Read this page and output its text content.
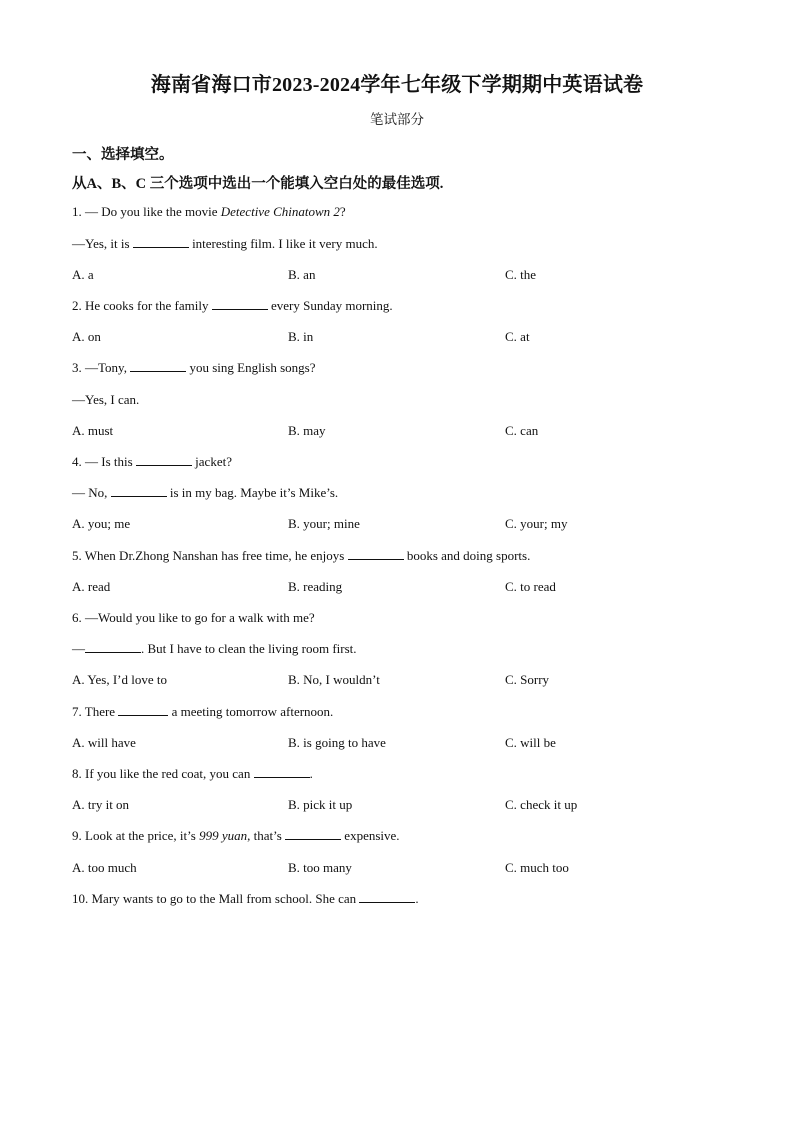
海南省海口市2023-2024学年七年级下学期期中英语试卷
笔试部分
一、选择填空。
从A、B、C 三个选项中选出一个能填入空白处的最佳选项.
1. — Do you like the movie Detective Chinatown 2?
—Yes, it is	interesting film. I like it very much.
A. a	B. an	C. the
2. He cooks for the family	every Sunday morning.
A. on	B. in	C. at
3. —Tony,	you sing English songs?
—Yes, I can.
A. must	B. may	C. can
4. — Is this	jacket?
— No,	is in my bag. Maybe it’s Mike’s.
A. you; me	B. your; mine	C. your; my
5. When Dr.Zhong Nanshan has free time, he enjoys	books and doing sports.
A. read	B. reading	C. to read
6. —Would you like to go for a walk with me?
—	. But I have to clean the living room first.
A. Yes, I’d love to	B. No, I wouldn’t	C. Sorry
7. There	a meeting tomorrow afternoon.
A. will have	B. is going to have	C. will be
8. If you like the red coat, you can	.
A. try it on	B. pick it up	C. check it up
9. Look at the price, it’s 999 yuan, that’s	expensive.
A. too much	B. too many	C. much too
10. Mary wants to go to the Mall from school. She can	.
